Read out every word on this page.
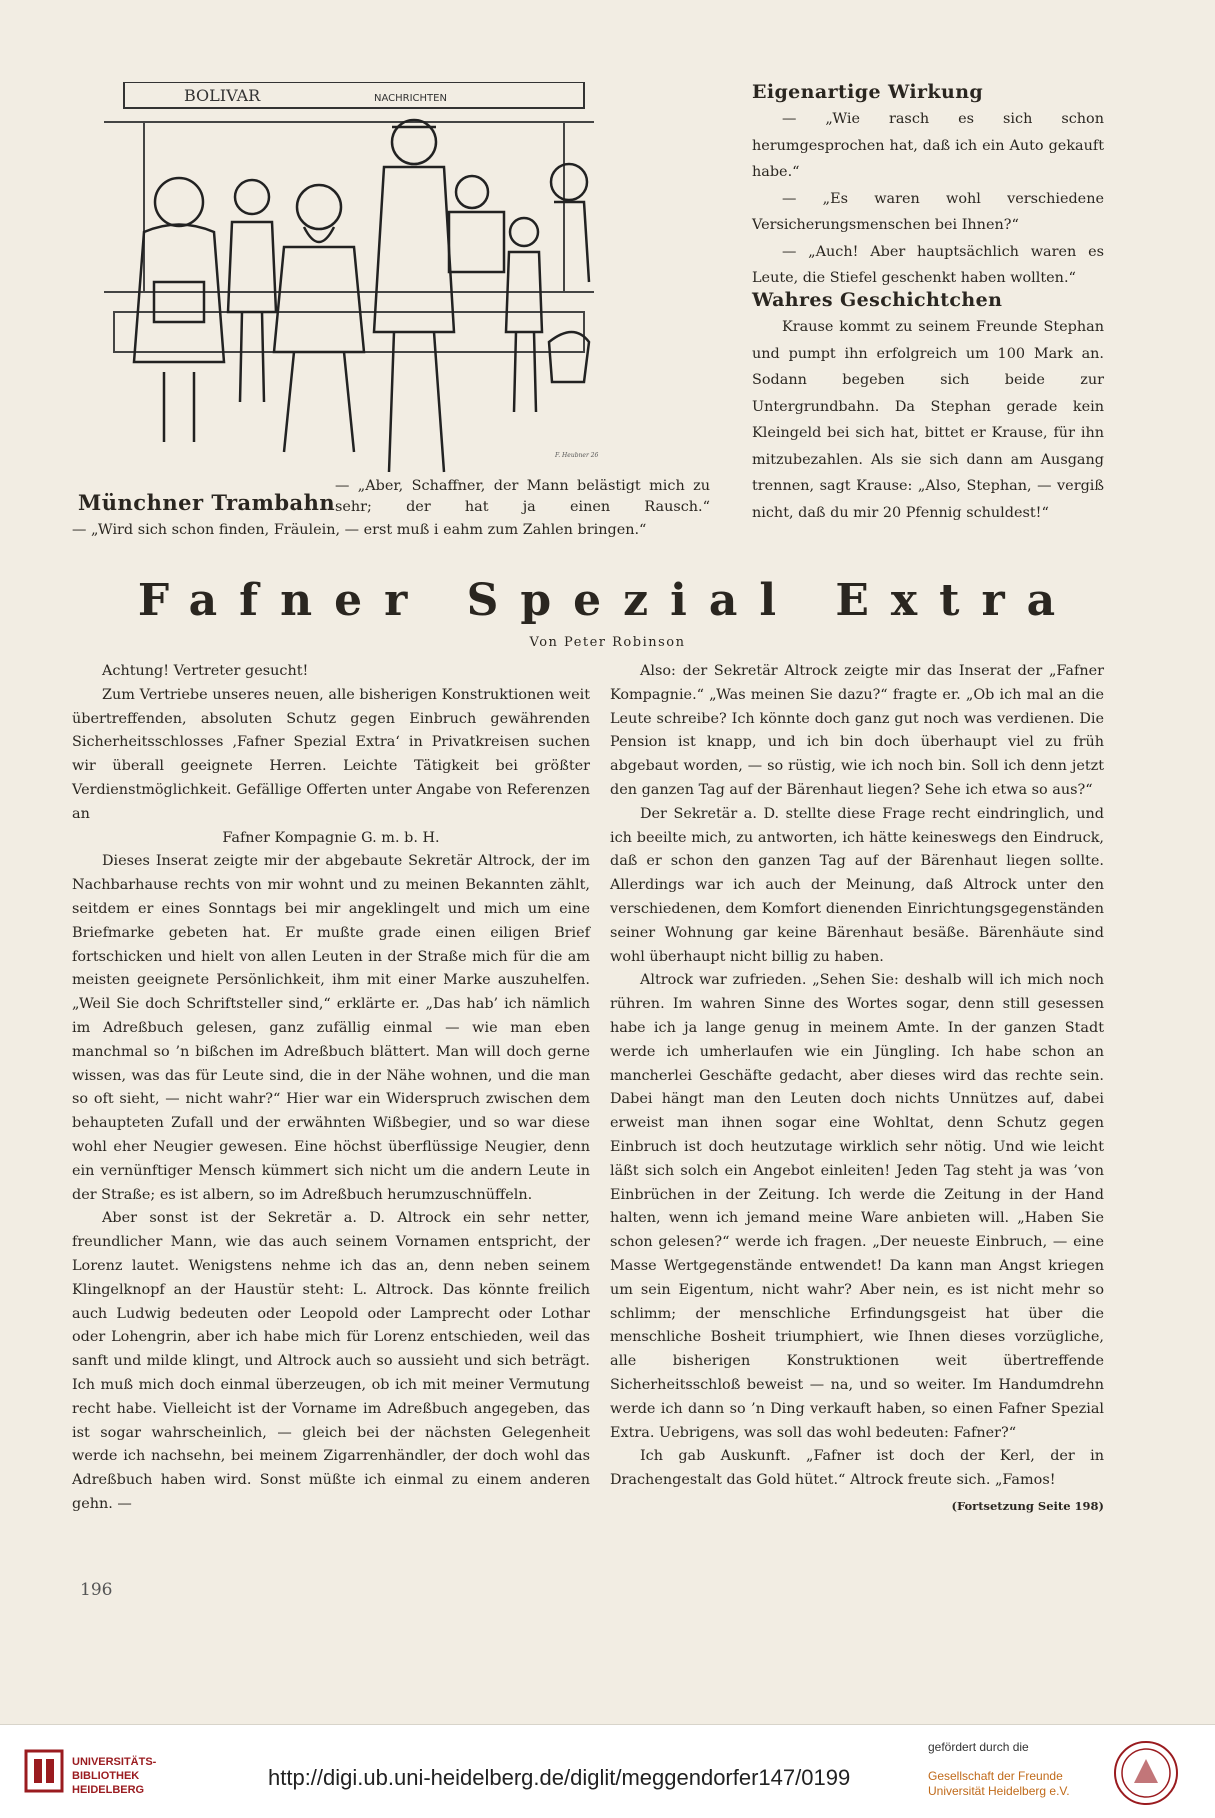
BOLIVAR	NACHRICHTEN
F. Heubner 26
Münchner Trambahn
— „Aber, Schaffner, der Mann belästigt mich zu sehr; der hat ja einen Rausch.“
— „Wird sich schon finden, Fräulein, — erst muß i eahm zum Zahlen bringen.“
Eigenartige Wirkung

— „Wie rasch es sich schon herumgesprochen hat, daß ich ein Auto gekauft habe.“

— „Es waren wohl verschiedene Versicherungsmenschen bei Ihnen?“

— „Auch! Aber hauptsächlich waren es Leute, die Stiefel geschenkt haben wollten.“

Wahres Geschichtchen

Krause kommt zu seinem Freunde Stephan und pumpt ihn erfolgreich um 100 Mark an. Sodann begeben sich beide zur Untergrundbahn. Da Stephan gerade kein Kleingeld bei sich hat, bittet er Krause, für ihn mitzubezahlen. Als sie sich dann am Ausgang trennen, sagt Krause: „Also, Stephan, — vergiß nicht, daß du mir 20 Pfennig schuldest!“

Fafner Spezial Extra
Von Peter Robinson

Achtung! Vertreter gesucht!

Zum Vertriebe unseres neuen, alle bisherigen Konstruktionen weit übertreffenden, absoluten Schutz gegen Einbruch gewährenden Sicherheitsschlosses ‚Fafner Spezial Extra‘ in Privatkreisen suchen wir überall geeignete Herren. Leichte Tätigkeit bei größter Verdienstmöglichkeit. Gefällige Offerten unter Angabe von Referenzen an

Fafner Kompagnie G. m. b. H.

Dieses Inserat zeigte mir der abgebaute Sekretär Altrock, der im Nachbarhause rechts von mir wohnt und zu meinen Bekannten zählt, seitdem er eines Sonntags bei mir angeklingelt und mich um eine Briefmarke gebeten hat. Er mußte grade einen eiligen Brief fortschicken und hielt von allen Leuten in der Straße mich für die am meisten geeignete Persönlichkeit, ihm mit einer Marke auszuhelfen. „Weil Sie doch Schriftsteller sind,“ erklärte er. „Das hab’ ich nämlich im Adreßbuch gelesen, ganz zufällig einmal — wie man eben manchmal so ’n bißchen im Adreßbuch blättert. Man will doch gerne wissen, was das für Leute sind, die in der Nähe wohnen, und die man so oft sieht, — nicht wahr?“ Hier war ein Widerspruch zwischen dem behaupteten Zufall und der erwähnten Wißbegier, und so war diese wohl eher Neugier gewesen. Eine höchst überflüssige Neugier, denn ein vernünftiger Mensch kümmert sich nicht um die andern Leute in der Straße; es ist albern, so im Adreßbuch herumzuschnüffeln.

Aber sonst ist der Sekretär a. D. Altrock ein sehr netter, freundlicher Mann, wie das auch seinem Vornamen entspricht, der Lorenz lautet. Wenigstens nehme ich das an, denn neben seinem Klingelknopf an der Haustür steht: L. Altrock. Das könnte freilich auch Ludwig bedeuten oder Leopold oder Lamprecht oder Lothar oder Lohengrin, aber ich habe mich für Lorenz entschieden, weil das sanft und milde klingt, und Altrock auch so aussieht und sich beträgt. Ich muß mich doch einmal überzeugen, ob ich mit meiner Vermutung recht habe. Vielleicht ist der Vorname im Adreßbuch angegeben, das ist sogar wahrscheinlich, — gleich bei der nächsten Gelegenheit werde ich nachsehn, bei meinem Zigarrenhändler, der doch wohl das Adreßbuch haben wird. Sonst müßte ich einmal zu einem anderen gehn. —

Also: der Sekretär Altrock zeigte mir das Inserat der „Fafner Kompagnie.“ „Was meinen Sie dazu?“ fragte er. „Ob ich mal an die Leute schreibe? Ich könnte doch ganz gut noch was verdienen. Die Pension ist knapp, und ich bin doch überhaupt viel zu früh abgebaut worden, — so rüstig, wie ich noch bin. Soll ich denn jetzt den ganzen Tag auf der Bärenhaut liegen? Sehe ich etwa so aus?“

Der Sekretär a. D. stellte diese Frage recht eindringlich, und ich beeilte mich, zu antworten, ich hätte keineswegs den Eindruck, daß er schon den ganzen Tag auf der Bärenhaut liegen sollte. Allerdings war ich auch der Meinung, daß Altrock unter den verschiedenen, dem Komfort dienenden Einrichtungsgegenständen seiner Wohnung gar keine Bärenhaut besäße. Bärenhäute sind wohl überhaupt nicht billig zu haben.

Altrock war zufrieden. „Sehen Sie: deshalb will ich mich noch rühren. Im wahren Sinne des Wortes sogar, denn still gesessen habe ich ja lange genug in meinem Amte. In der ganzen Stadt werde ich umherlaufen wie ein Jüngling. Ich habe schon an mancherlei Geschäfte gedacht, aber dieses wird das rechte sein. Dabei hängt man den Leuten doch nichts Unnützes auf, dabei erweist man ihnen sogar eine Wohltat, denn Schutz gegen Einbruch ist doch heutzutage wirklich sehr nötig. Und wie leicht läßt sich solch ein Angebot einleiten! Jeden Tag steht ja was ’von Einbrüchen in der Zeitung. Ich werde die Zeitung in der Hand halten, wenn ich jemand meine Ware anbieten will. „Haben Sie schon gelesen?“ werde ich fragen. „Der neueste Einbruch, — eine Masse Wertgegenstände entwendet! Da kann man Angst kriegen um sein Eigentum, nicht wahr? Aber nein, es ist nicht mehr so schlimm; der menschliche Erfindungsgeist hat über die menschliche Bosheit triumphiert, wie Ihnen dieses vorzügliche, alle bisherigen Konstruktionen weit übertreffende Sicherheitsschloß beweist — na, und so weiter. Im Handumdrehn werde ich dann so ’n Ding verkauft haben, so einen Fafner Spezial Extra. Uebrigens, was soll das wohl bedeuten: Fafner?“

Ich gab Auskunft. „Fafner ist doch der Kerl, der in Drachengestalt das Gold hütet.“ Altrock freute sich. „Famos!

(Fortsetzung Seite 198)

196
UNIVERSITÄTS-
BIBLIOTHEK
HEIDELBERG	http://digi.ub.uni-heidelberg.de/diglit/meggendorfer147/0199
gefördert durch die
Gesellschaft der Freunde
Universität Heidelberg e.V.
